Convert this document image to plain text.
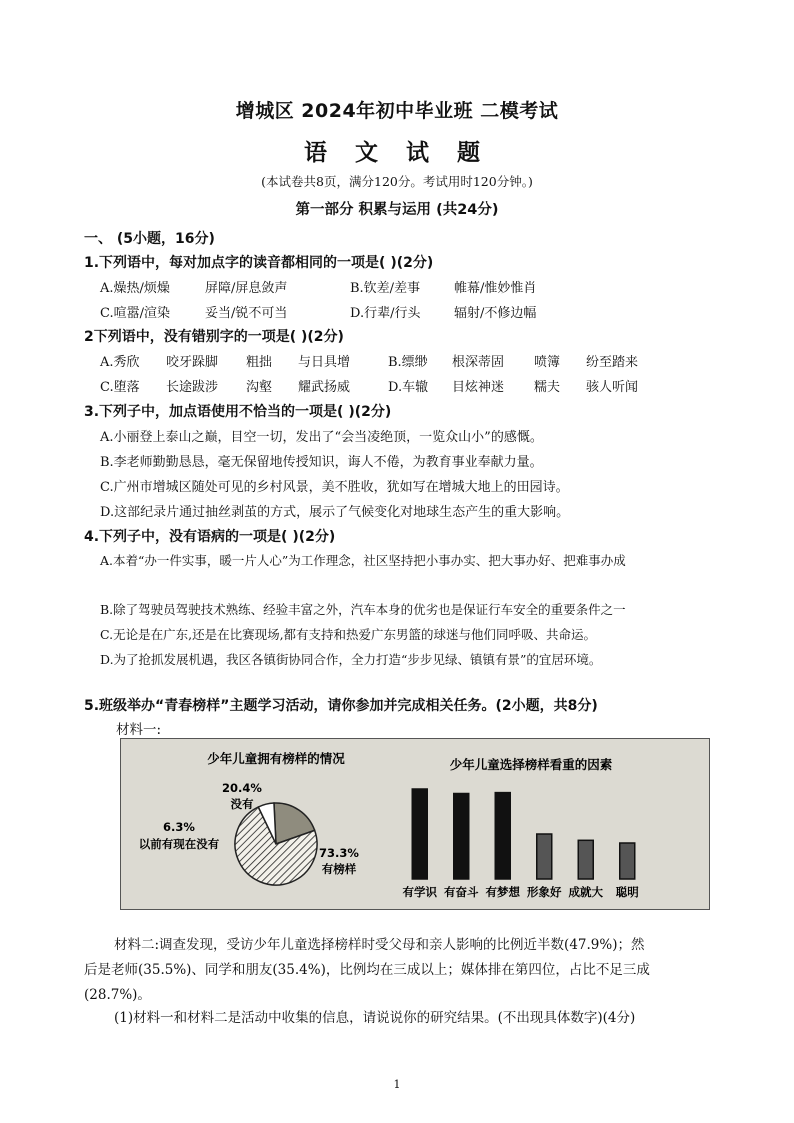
增城区 2024年初中毕业班 二模考试
语 文 试 题
(本试卷共8页，满分120分。考试用时120分钟。)
第一部分 积累与运用 (共24分)
一、 (5小题，16分)
1.下列语中，每对加点字的读音都相同的一项是( )(2分)
A.燥热/烦燥	屏障/屏息敛声	B.钦差/差事	帷幕/惟妙惟肖
C.喧嚣/渲染	妥当/锐不可当	D.行辈/行头	辐射/不修边幅
2下列语中，没有错别字的一项是( )(2分)
A.秀欣 咬牙跺脚 粗拙 与日具增	B.缥缈 根深蒂固 喷簿 纷至踏来
C.堕落 长途跋涉 沟壑 耀武扬威	D.车辙 目炫神迷 糯夫 骇人听闻
3.下列子中，加点语使用不恰当的一项是( )(2分)
A.小丽登上泰山之巅，目空一切，发出了“会当凌绝顶，一览众山小”的感慨。
B.李老师勤勤恳恳，毫无保留地传授知识，诲人不倦，为教育事业奉献力量。
C.广州市增城区随处可见的乡村风景，美不胜收，犹如写在增城大地上的田园诗。
D.这部纪录片通过抽丝剥茧的方式，展示了气候变化对地球生态产生的重大影响。
4.下列子中，没有语病的一项是( )(2分)
A.本着“办一件实事，暖一片人心”为工作理念，社区坚持把小事办实、把大事办好、把难事办成
B.除了驾驶员驾驶技术熟练、经验丰富之外，汽车本身的优劣也是保证行车安全的重要条件之一
C.无论是在广东,还是在比赛现场,都有支持和热爱广东男篮的球迷与他们同呼吸、共命运。
D.为了抢抓发展机遇，我区各镇街协同合作，全力打造“步步见绿、镇镇有景”的宜居环境。
5.班级举办“青春榜样”主题学习活动，请你参加并完成相关任务。(2小题，共8分)
材料一:
少年儿童拥有榜样的情况
20.4%
没有
6.3%
以前有现在没有
73.3%
有榜样
少年儿童选择榜样看重的因素
有学识 有奋斗 有梦想 形象好 成就大 聪明
材料二:调查发现，受访少年儿童选择榜样时受父母和亲人影响的比例近半数(47.9%)；然
后是老师(35.5%)、同学和朋友(35.4%)，比例均在三成以上；媒体排在第四位，占比不足三成
(28.7%)。
(1)材料一和材料二是活动中收集的信息，请说说你的研究结果。(不出现具体数字)(4分)
1
